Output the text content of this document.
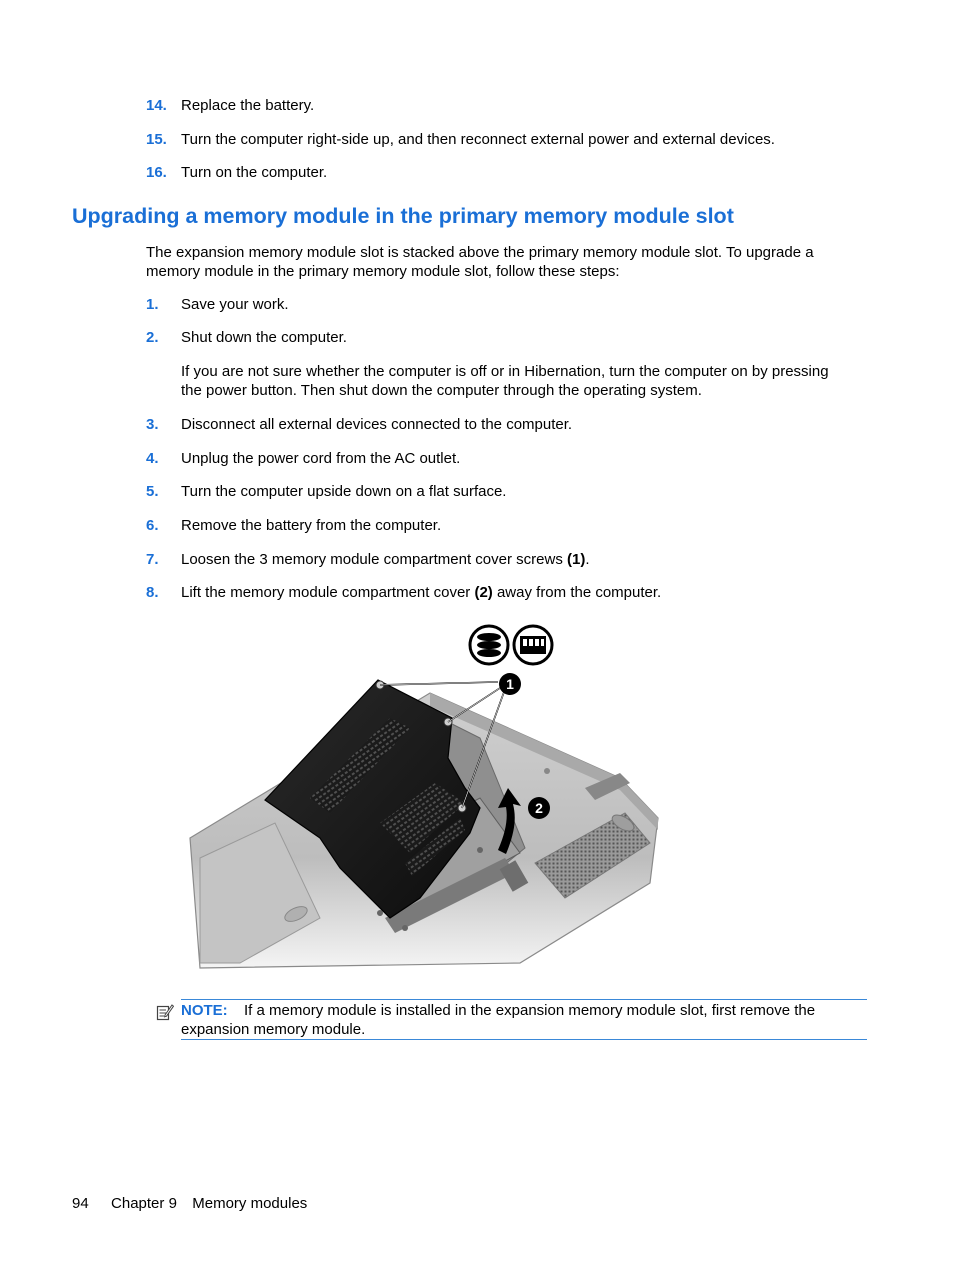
14. Replace the battery.
15. Turn the computer right-side up, and then reconnect external power and external devices.
16. Turn on the computer.
Upgrading a memory module in the primary memory module slot
The expansion memory module slot is stacked above the primary memory module slot. To upgrade a
memory module in the primary memory module slot, follow these steps:
1. Save your work.
2. Shut down the computer.
If you are not sure whether the computer is off or in Hibernation, turn the computer on by pressing
the power button. Then shut down the computer through the operating system.
3. Disconnect all external devices connected to the computer.
4. Unplug the power cord from the AC outlet.
5. Turn the computer upside down on a flat surface.
6. Remove the battery from the computer.
7. Loosen the 3 memory module compartment cover screws (1).
8. Lift the memory module compartment cover (2) away from the computer.
1
2
NOTE: If a memory module is installed in the expansion memory module slot, first remove the
expansion memory module.
94 Chapter 9 Memory modules
